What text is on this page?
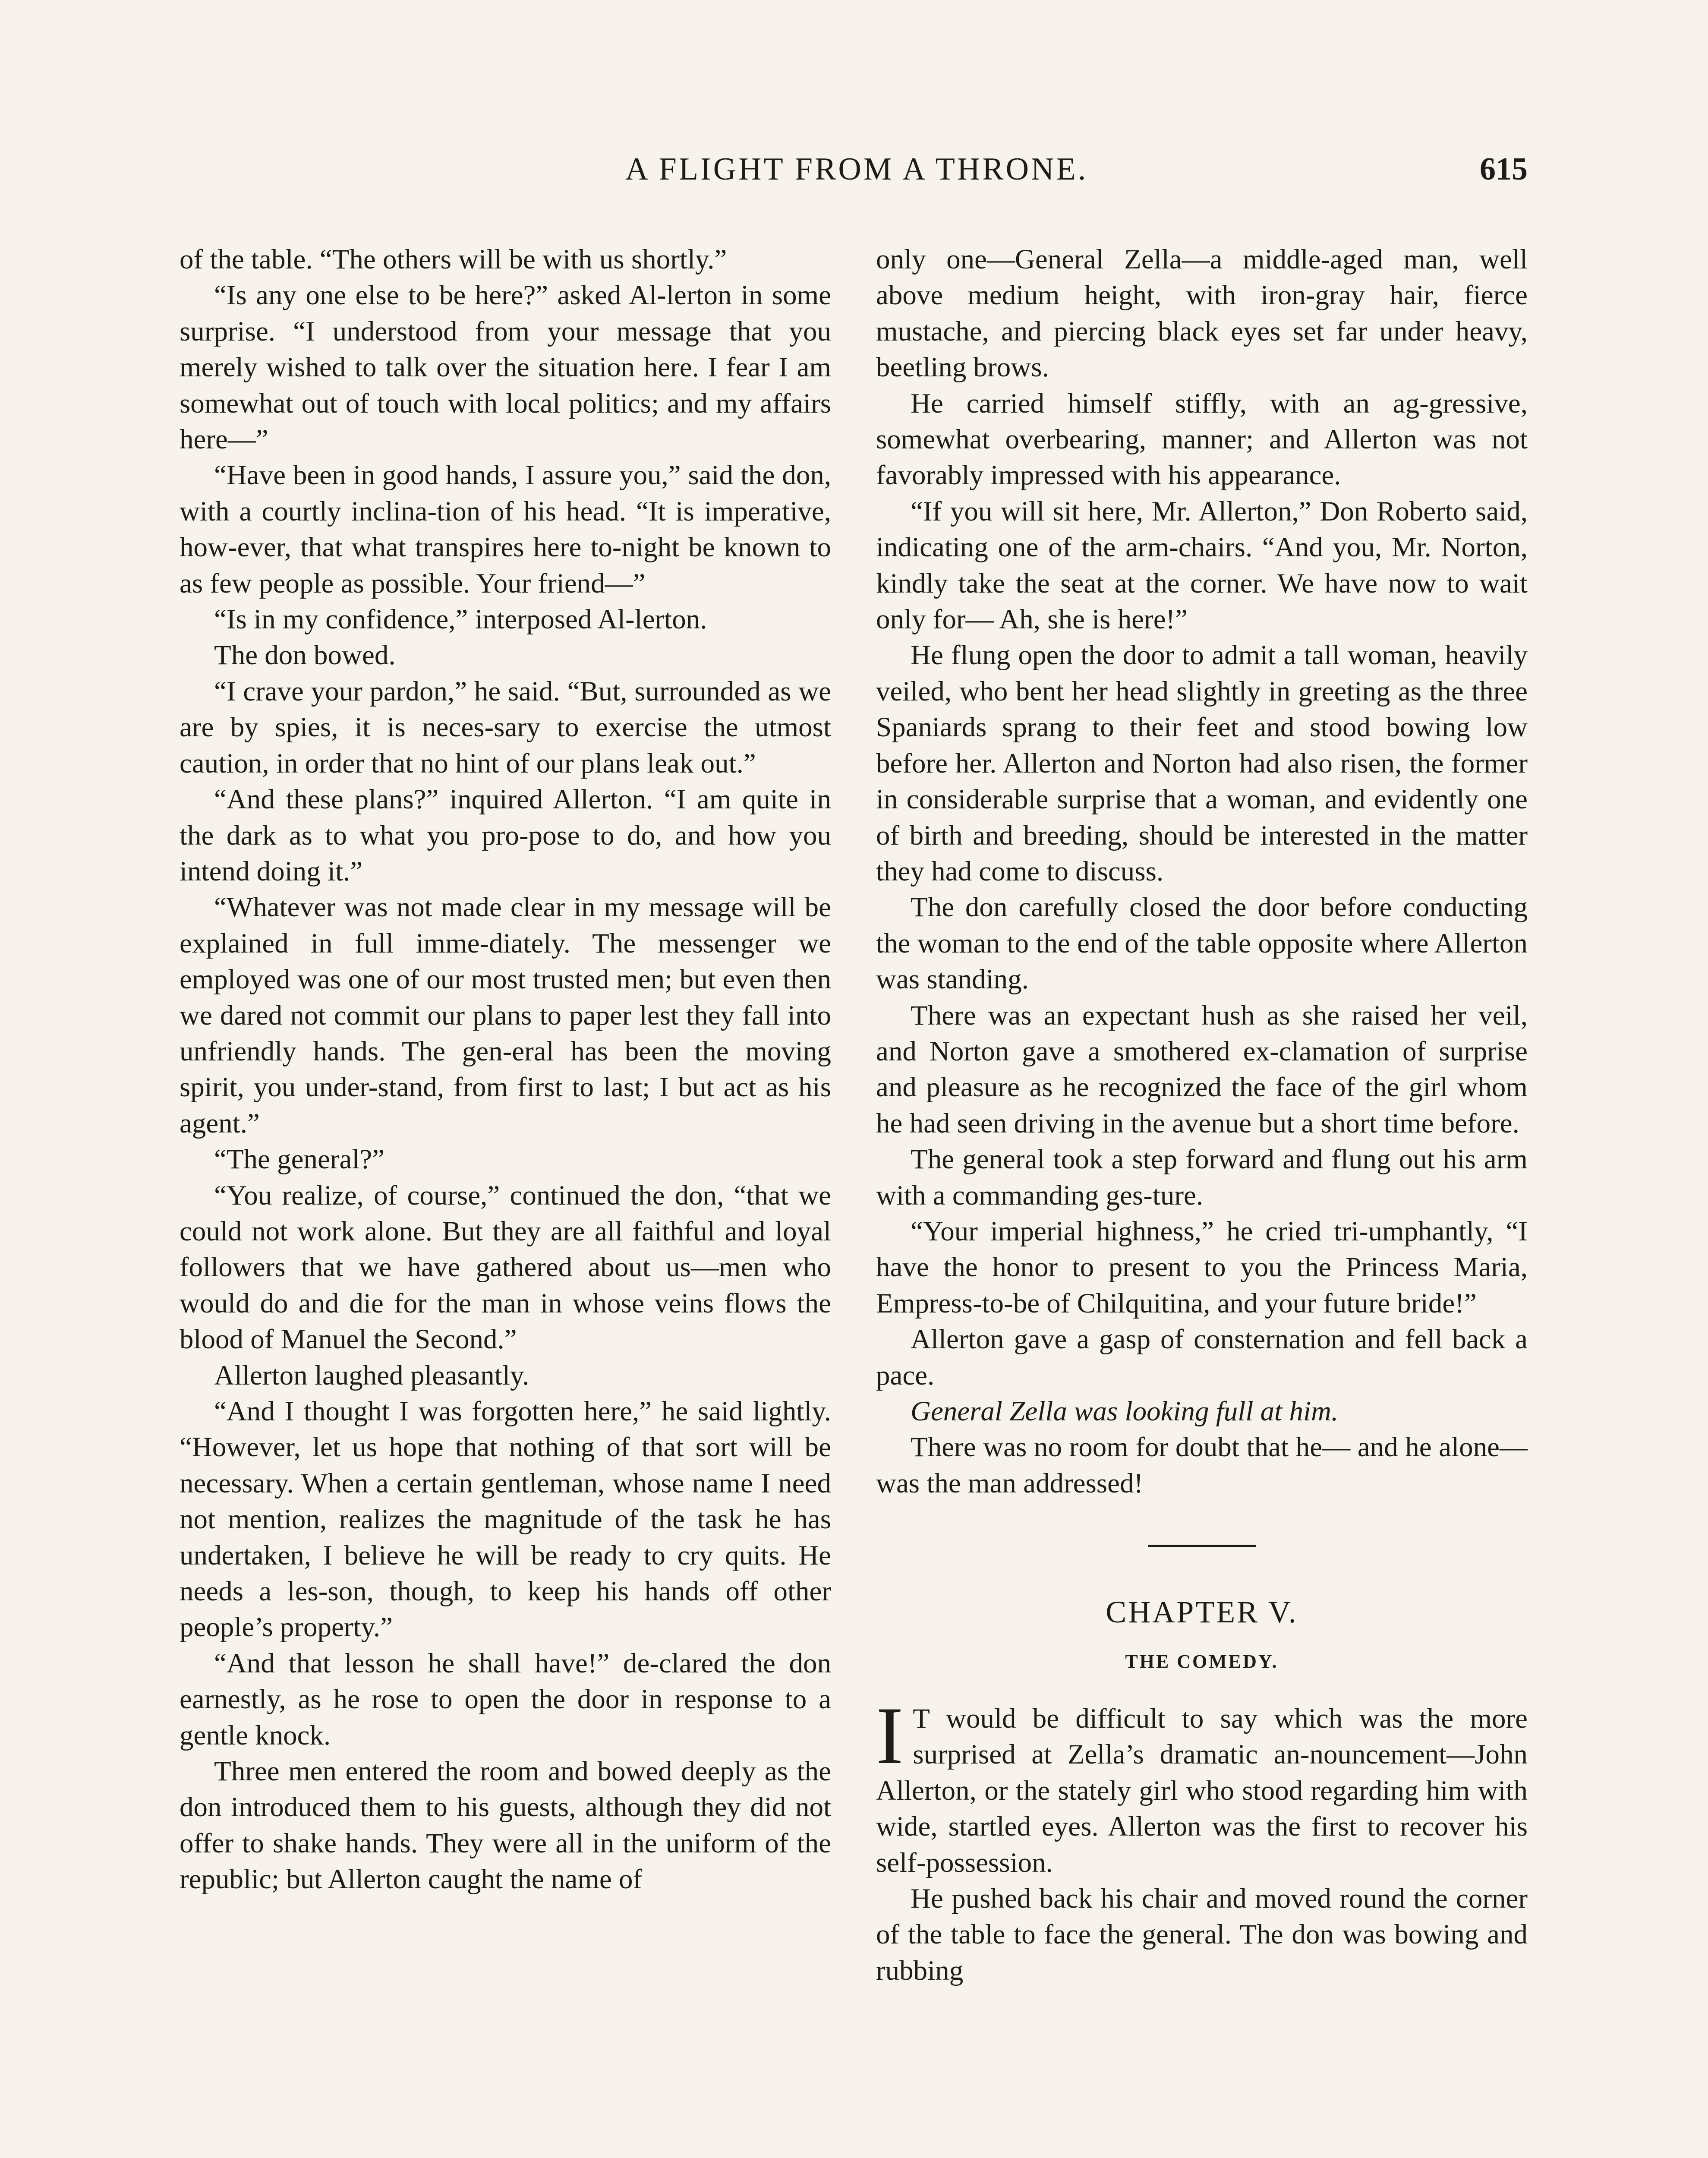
A FLIGHT FROM A THRONE.	615

of the table. “The others will be with us shortly.”

“Is any one else to be here?” asked Al-lerton in some surprise. “I understood from your message that you merely wished to talk over the situation here. I fear I am somewhat out of touch with local politics; and my affairs here—”

“Have been in good hands, I assure you,” said the don, with a courtly inclina-tion of his head. “It is imperative, how-ever, that what transpires here to-night be known to as few people as possible. Your friend—”

“Is in my confidence,” interposed Al-lerton.

The don bowed.

“I crave your pardon,” he said. “But, surrounded as we are by spies, it is neces-sary to exercise the utmost caution, in order that no hint of our plans leak out.”

“And these plans?” inquired Allerton. “I am quite in the dark as to what you pro-pose to do, and how you intend doing it.”

“Whatever was not made clear in my message will be explained in full imme-diately. The messenger we employed was one of our most trusted men; but even then we dared not commit our plans to paper lest they fall into unfriendly hands. The gen-eral has been the moving spirit, you under-stand, from first to last; I but act as his agent.”

“The general?”

“You realize, of course,” continued the don, “that we could not work alone. But they are all faithful and loyal followers that we have gathered about us—men who would do and die for the man in whose veins flows the blood of Manuel the Second.”

Allerton laughed pleasantly.

“And I thought I was forgotten here,” he said lightly. “However, let us hope that nothing of that sort will be necessary. When a certain gentleman, whose name I need not mention, realizes the magnitude of the task he has undertaken, I believe he will be ready to cry quits. He needs a les-son, though, to keep his hands off other people’s property.”

“And that lesson he shall have!” de-clared the don earnestly, as he rose to open the door in response to a gentle knock.

Three men entered the room and bowed deeply as the don introduced them to his guests, although they did not offer to shake hands. They were all in the uniform of the republic; but Allerton caught the name of

only one—General Zella—a middle-aged man, well above medium height, with iron-gray hair, fierce mustache, and piercing black eyes set far under heavy, beetling brows.

He carried himself stiffly, with an ag-gressive, somewhat overbearing, manner; and Allerton was not favorably impressed with his appearance.

“If you will sit here, Mr. Allerton,” Don Roberto said, indicating one of the arm-chairs. “And you, Mr. Norton, kindly take the seat at the corner. We have now to wait only for— Ah, she is here!”

He flung open the door to admit a tall woman, heavily veiled, who bent her head slightly in greeting as the three Spaniards sprang to their feet and stood bowing low before her. Allerton and Norton had also risen, the former in considerable surprise that a woman, and evidently one of birth and breeding, should be interested in the matter they had come to discuss.

The don carefully closed the door before conducting the woman to the end of the table opposite where Allerton was standing.

There was an expectant hush as she raised her veil, and Norton gave a smothered ex-clamation of surprise and pleasure as he recognized the face of the girl whom he had seen driving in the avenue but a short time before.

The general took a step forward and flung out his arm with a commanding ges-ture.

“Your imperial highness,” he cried tri-umphantly, “I have the honor to present to you the Princess Maria, Empress-to-be of Chilquitina, and your future bride!”

Allerton gave a gasp of consternation and fell back a pace.

General Zella was looking full at him.

There was no room for doubt that he— and he alone—was the man addressed!

CHAPTER V.
THE COMEDY.

I T would be difficult to say which was the more surprised at Zella’s dramatic an-nouncement—John Allerton, or the stately girl who stood regarding him with wide, startled eyes. Allerton was the first to recover his self-possession.

He pushed back his chair and moved round the corner of the table to face the general. The don was bowing and rubbing
